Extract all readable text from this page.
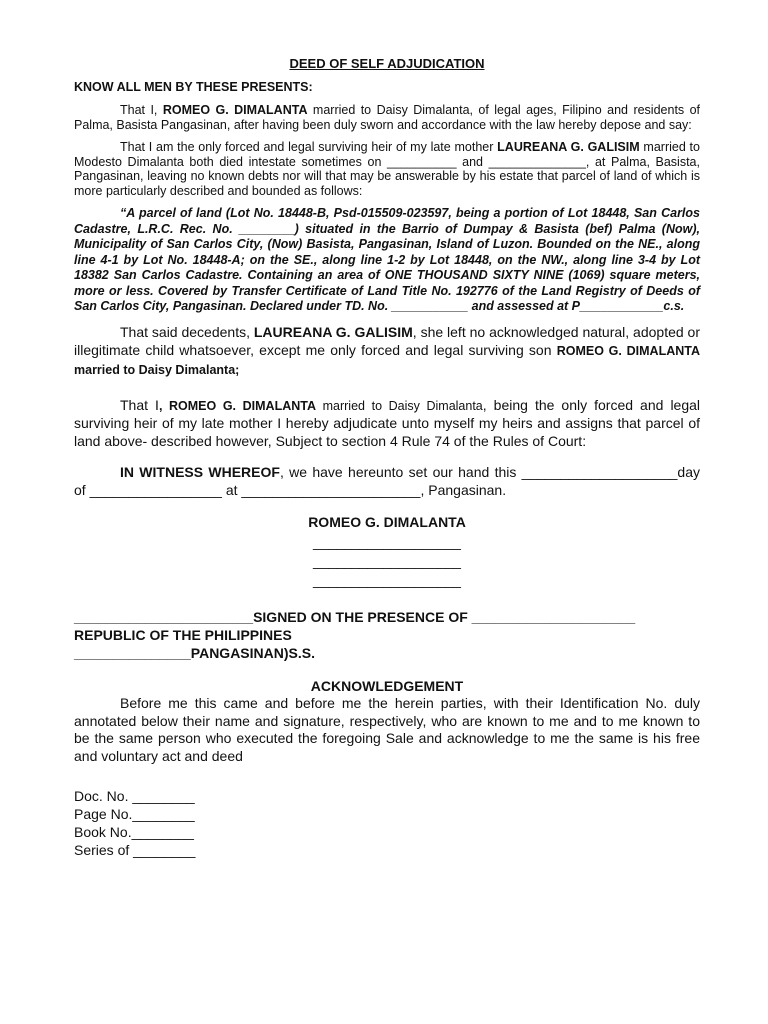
DEED OF SELF ADJUDICATION
KNOW ALL MEN BY THESE PRESENTS:

That I, ROMEO G. DIMALANTA married to Daisy Dimalanta, of legal ages, Filipino and residents of Palma, Basista Pangasinan, after having been duly sworn and accordance with the law hereby depose and say:

That I am the only forced and legal surviving heir of my late mother LAUREANA G. GALISIM married to Modesto Dimalanta both died intestate sometimes on __________ and ______________, at Palma, Basista, Pangasinan, leaving no known debts nor will that may be answerable by his estate that parcel of land of which is more particularly described and bounded as follows:

“A parcel of land (Lot No. 18448-B, Psd-015509-023597, being a portion of Lot 18448, San Carlos Cadastre, L.R.C. Rec. No. ________) situated in the Barrio of Dumpay & Basista (bef) Palma (Now), Municipality of San Carlos City, (Now) Basista, Pangasinan, Island of Luzon. Bounded on the NE., along line 4-1 by Lot No. 18448-A; on the SE., along line 1-2 by Lot 18448, on the NW., along line 3-4 by Lot 18382 San Carlos Cadastre. Containing an area of ONE THOUSAND SIXTY NINE (1069) square meters, more or less. Covered by Transfer Certificate of Land Title No. 192776 of the Land Registry of Deeds of San Carlos City, Pangasinan. Declared under TD. No. ___________ and assessed at P____________c.s.

That said decedents, LAUREANA G. GALISIM, she left no acknowledged natural, adopted or illegitimate child whatsoever, except me only forced and legal surviving son ROMEO G. DIMALANTA married to Daisy Dimalanta;

That I, ROMEO G. DIMALANTA married to Daisy Dimalanta, being the only forced and legal surviving heir of my late mother I hereby adjudicate unto myself my heirs and assigns that parcel of land above- described however, Subject to section 4 Rule 74 of the Rules of Court:

IN WITNESS WHEREOF, we have hereunto set our hand this ____________________day of _________________ at _______________________, Pangasinan.

ROMEO G. DIMALANTA
___________________
___________________
___________________
_______________________SIGNED ON THE PRESENCE OF _____________________
REPUBLIC OF THE PHILIPPINES
_______________PANGASINAN)S.S.
ACKNOWLEDGEMENT

Before me this came and before me the herein parties, with their Identification No. duly annotated below their name and signature, respectively, who are known to me and to me known to be the same person who executed the foregoing Sale and acknowledge to me the same is his free and voluntary act and deed

Doc. No. ________
Page No.________
Book No.________
Series of ________
